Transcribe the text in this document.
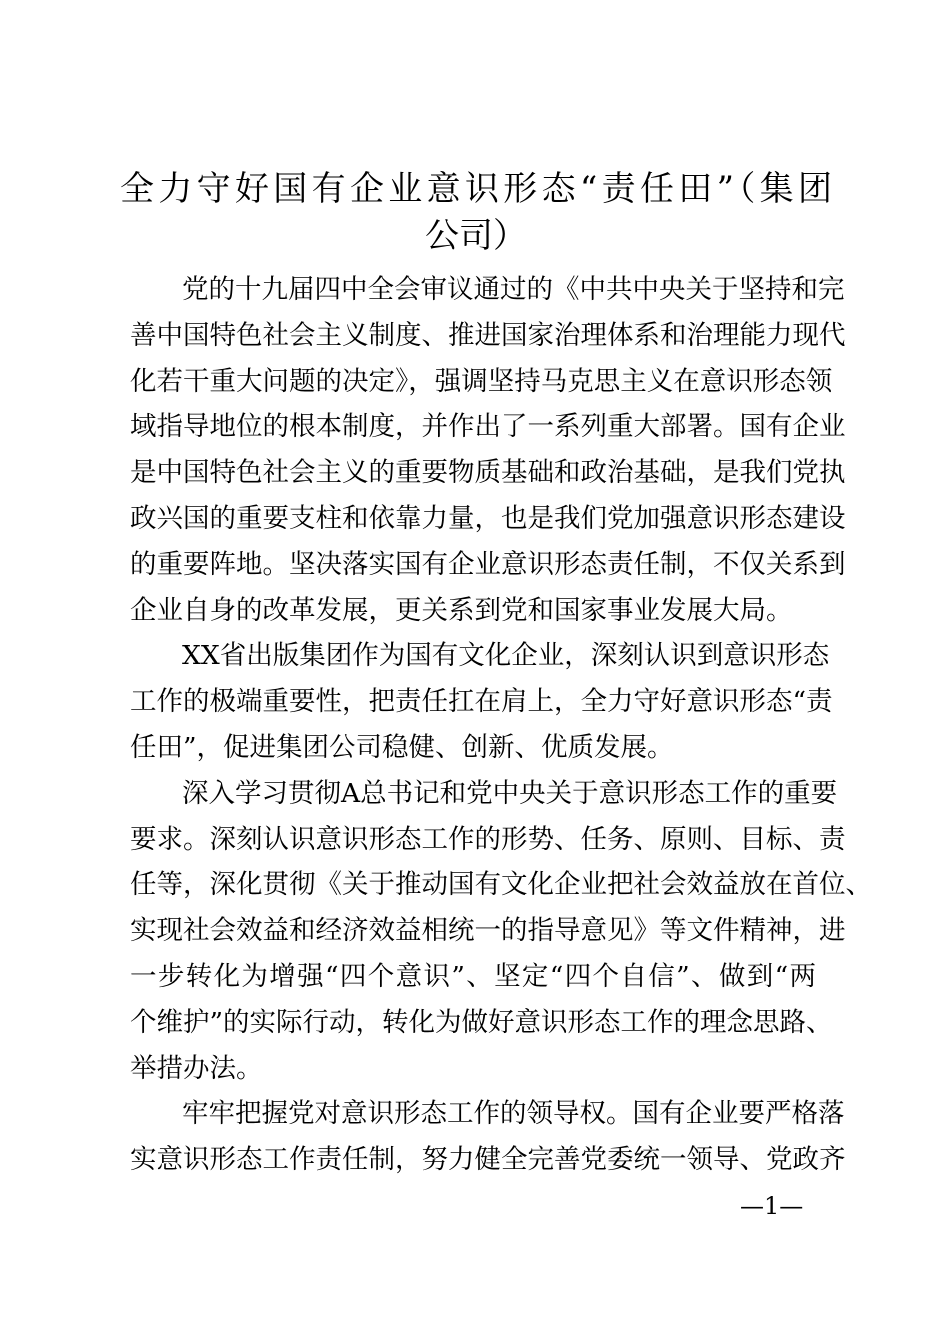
全力守好国有企业意识形态“责任田”（集团
公司）
党的十九届四中全会审议通过的《中共中央关于坚持和完
善中国特色社会主义制度、推进国家治理体系和治理能力现代
化若干重大问题的决定》，强调坚持马克思主义在意识形态领
域指导地位的根本制度，并作出了一系列重大部署。国有企业
是中国特色社会主义的重要物质基础和政治基础，是我们党执
政兴国的重要支柱和依靠力量，也是我们党加强意识形态建设
的重要阵地。坚决落实国有企业意识形态责任制，不仅关系到
企业自身的改革发展，更关系到党和国家事业发展大局。
XX省出版集团作为国有文化企业，深刻认识到意识形态
工作的极端重要性，把责任扛在肩上，全力守好意识形态“责
任田”，促进集团公司稳健、创新、优质发展。
深入学习贯彻A总书记和党中央关于意识形态工作的重要
要求。深刻认识意识形态工作的形势、任务、原则、目标、责
任等，深化贯彻《关于推动国有文化企业把社会效益放在首位、
实现社会效益和经济效益相统一的指导意见》等文件精神，进
一步转化为增强“四个意识”、坚定“四个自信”、做到“两
个维护”的实际行动，转化为做好意识形态工作的理念思路、
举措办法。
牢牢把握党对意识形态工作的领导权。国有企业要严格落
实意识形态工作责任制，努力健全完善党委统一领导、党政齐
—1—
